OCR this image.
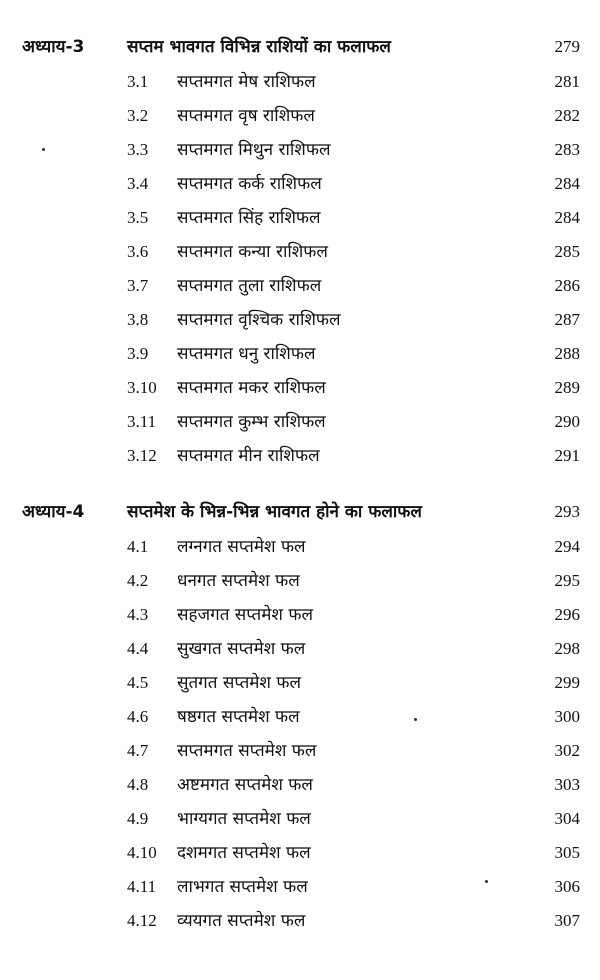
अध्याय-3	सप्तम भावगत विभिन्न राशियों का फलाफल	279
3.1 सप्तमगत मेष राशिफल	281
3.2 सप्तमगत वृष राशिफल	282
3.3 सप्तमगत मिथुन राशिफल	283
3.4 सप्तमगत कर्क राशिफल	284
3.5 सप्तमगत सिंह राशिफल	284
3.6 सप्तमगत कन्या राशिफल	285
3.7 सप्तमगत तुला राशिफल	286
3.8 सप्तमगत वृश्चिक राशिफल	287
3.9 सप्तमगत धनु राशिफल	288
3.10 सप्तमगत मकर राशिफल	289
3.11 सप्तमगत कुम्भ राशिफल	290
3.12 सप्तमगत मीन राशिफल	291
अध्याय-4	सप्तमेश के भिन्न-भिन्न भावगत होने का फलाफल	293
4.1 लग्नगत सप्तमेश फल	294
4.2 धनगत सप्तमेश फल	295
4.3 सहजगत सप्तमेश फल	296
4.4 सुखगत सप्तमेश फल	298
4.5 सुतगत सप्तमेश फल	299
4.6 षष्ठगत सप्तमेश फल	300
4.7 सप्तमगत सप्तमेश फल	302
4.8 अष्टमगत सप्तमेश फल	303
4.9 भाग्यगत सप्तमेश फल	304
4.10 दशमगत सप्तमेश फल	305
4.11 लाभगत सप्तमेश फल	306
4.12 व्ययगत सप्तमेश फल	307
